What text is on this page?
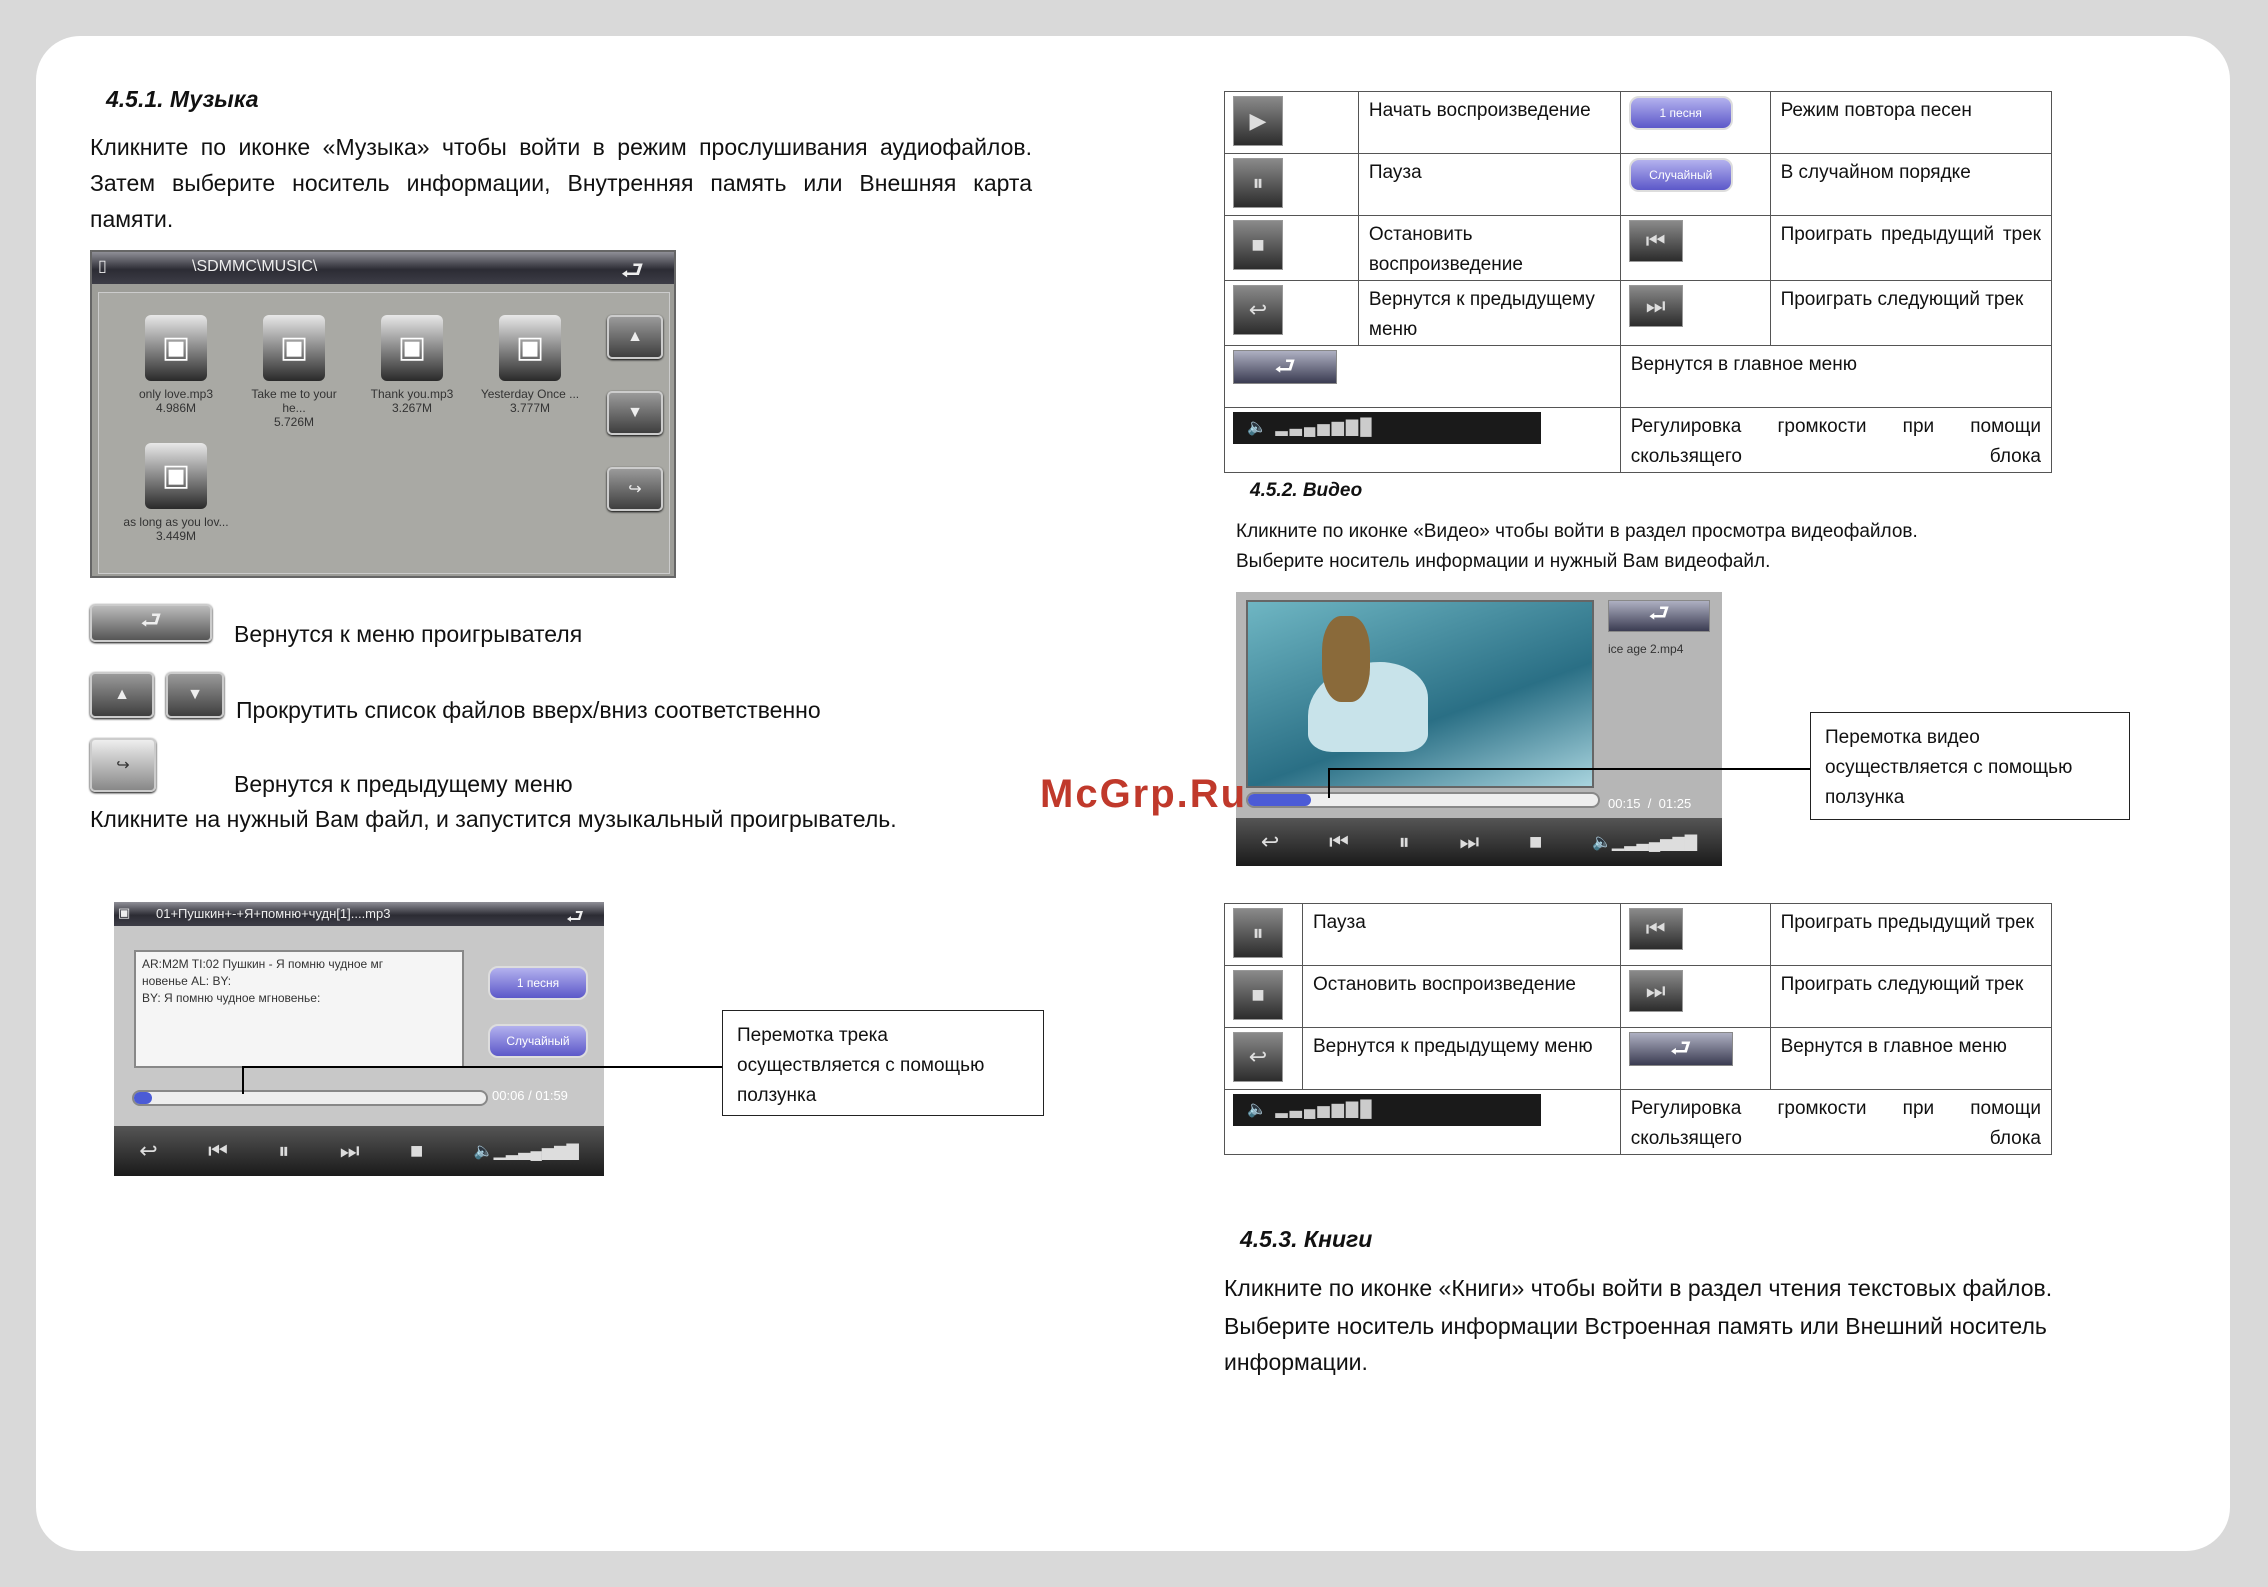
4.5.1. Музыка
Кликните по иконке «Музыка» чтобы войти в режим прослушивания аудиофайлов. Затем выберите носитель информации, Внутренняя память или Внешняя карта памяти.
▯	\SDMMC\MUSIC\	⮐
▣
only love.mp3
4.986M
▣
Take me to your he...
5.726M
▣
Thank you.mp3
3.267M
▣
Yesterday Once ...
3.777M
▣
as long as you lov...
3.449M
▲
▼
↪
⮐
Вернутся к меню проигрывателя
▲	▼
Прокрутить список файлов вверх/вниз соответственно
↪
Вернутся к предыдущему меню
Кликните на нужный Вам файл, и запустится музыкальный проигрыватель.
▣ 01+Пушкин+-+Я+помню+чудн[1]....mp3	⮐
AR:M2M TI:02 Пушкин - Я помню чудное мг
новенье AL: BY:
BY: Я помню чудное мгновенье:
1 песня
Случайный
00:06 / 01:59
↩ ⏮ ⏸ ⏭ ■	🔈▁▂▃▄▅▆▇
Перемотка трека осуществляется с помощью ползунка
▶	Начать воспроизведение	1 песня	Режим повтора песен
⏸	Пауза	Случайный	В случайном порядке
■	Остановить воспроизведение	⏮	Проиграть предыдущий трек
↩	Вернутся к предыдущему меню	⏭	Проиграть следующий трек
⮐		Вернутся в главное меню	
🔈 ▂▃▄▅▆▇█		Регулировка громкости при помощи скользящего блока	
4.5.2. Видео
Кликните по иконке «Видео» чтобы войти в раздел просмотра видеофайлов.
Выберите носитель информации и нужный Вам видеофайл.
⮐
ice age 2.mp4
00:15 / 01:25
↩ ⏮ ⏸ ⏭ ■	🔈▁▂▃▄▅▆▇
Перемотка видео осуществляется с помощью ползунка
McGrp.Ru
⏸	Пауза	⏮	Проиграть предыдущий трек
■	Остановить воспроизведение	⏭	Проиграть следующий трек
↩	Вернутся к предыдущему меню	⮐	Вернутся в главное меню
🔈 ▂▃▄▅▆▇█		Регулировка громкости при помощи скользящего блока	
4.5.3. Книги
Кликните по иконке «Книги» чтобы войти в раздел чтения текстовых файлов.
Выберите носитель информации Встроенная память или Внешний носитель информации.
